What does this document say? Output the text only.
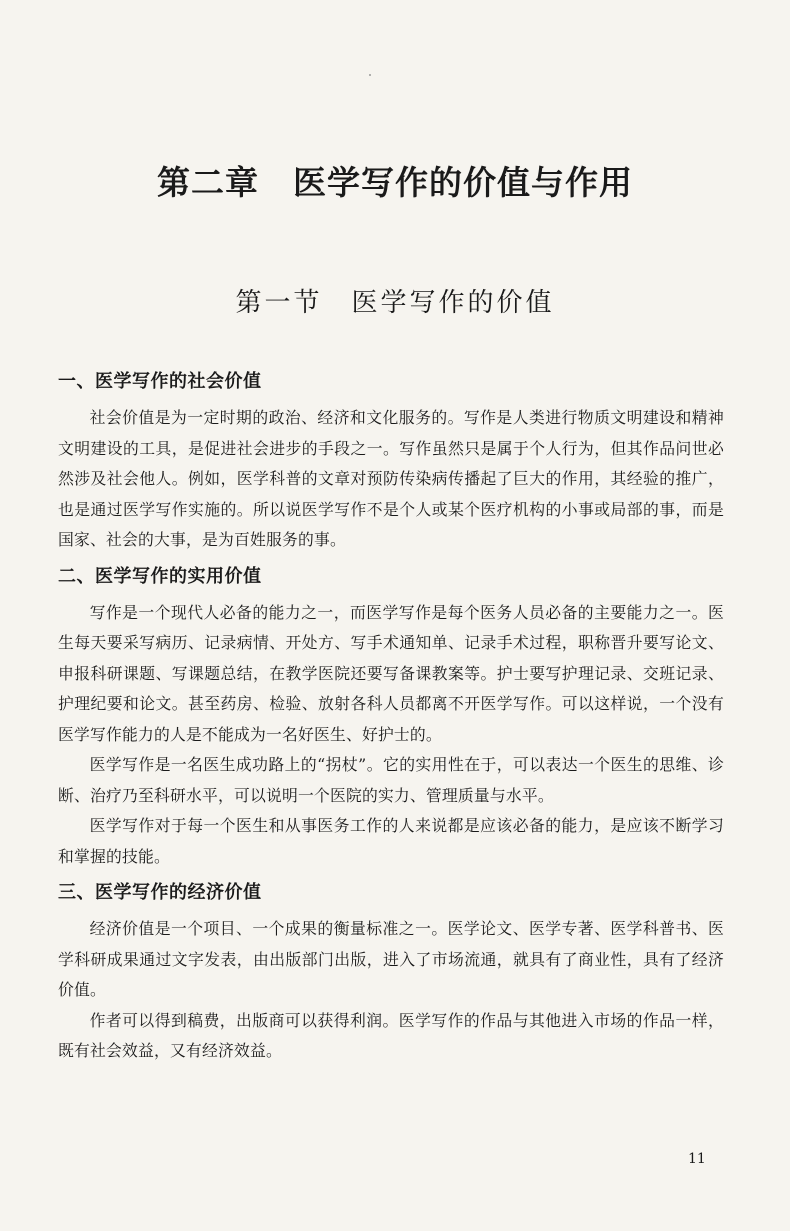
第二章　医学写作的价值与作用
第一节　医学写作的价值
一、医学写作的社会价值

社会价值是为一定时期的政治、经济和文化服务的。写作是人类进行物质文明建设和精神文明建设的工具，是促进社会进步的手段之一。写作虽然只是属于个人行为，但其作品问世必然涉及社会他人。例如，医学科普的文章对预防传染病传播起了巨大的作用，其经验的推广，也是通过医学写作实施的。所以说医学写作不是个人或某个医疗机构的小事或局部的事，而是国家、社会的大事，是为百姓服务的事。

二、医学写作的实用价值

写作是一个现代人必备的能力之一，而医学写作是每个医务人员必备的主要能力之一。医生每天要采写病历、记录病情、开处方、写手术通知单、记录手术过程，职称晋升要写论文、申报科研课题、写课题总结，在教学医院还要写备课教案等。护士要写护理记录、交班记录、护理纪要和论文。甚至药房、检验、放射各科人员都离不开医学写作。可以这样说，一个没有医学写作能力的人是不能成为一名好医生、好护士的。

医学写作是一名医生成功路上的“拐杖”。它的实用性在于，可以表达一个医生的思维、诊断、治疗乃至科研水平，可以说明一个医院的实力、管理质量与水平。

医学写作对于每一个医生和从事医务工作的人来说都是应该必备的能力，是应该不断学习和掌握的技能。

三、医学写作的经济价值

经济价值是一个项目、一个成果的衡量标准之一。医学论文、医学专著、医学科普书、医学科研成果通过文字发表，由出版部门出版，进入了市场流通，就具有了商业性，具有了经济价值。

作者可以得到稿费，出版商可以获得利润。医学写作的作品与其他进入市场的作品一样，既有社会效益，又有经济效益。

11
